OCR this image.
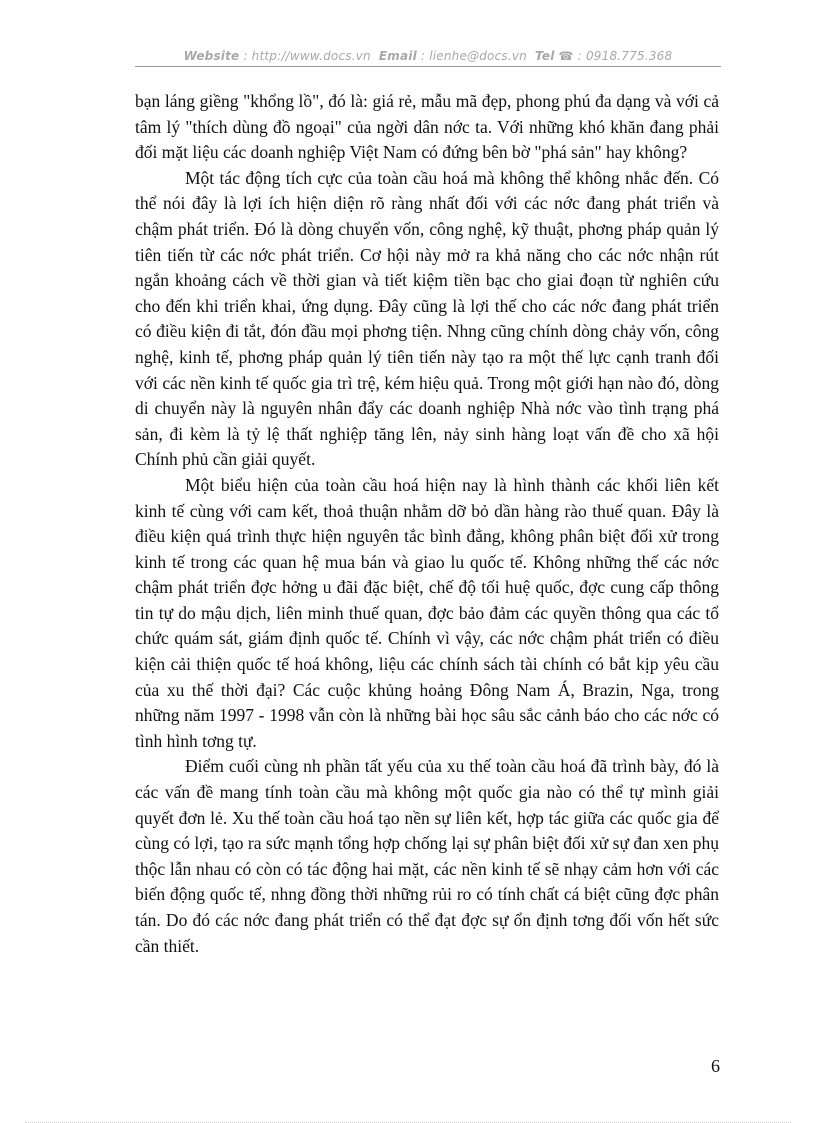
Website : http://www.docs.vn Email : lienhe@docs.vn Tel ☎ : 0918.775.368

bạn láng giềng "khổng lồ", đó là: giá rẻ, mẫu mã đẹp, phong phú đa dạng và với cả tâm lý "thích dùng đồ ngoại" của ngời dân nớc ta. Với những khó khăn đang phải đối mặt liệu các doanh nghiệp Việt Nam có đứng bên bờ "phá sản" hay không?

Một tác động tích cực của toàn cầu hoá mà không thể không nhắc đến. Có thể nói đây là lợi ích hiện diện rõ ràng nhất đối với các nớc đang phát triển và chậm phát triển. Đó là dòng chuyển vốn, công nghệ, kỹ thuật, phơng pháp quản lý tiên tiến từ các nớc phát triển. Cơ hội này mở ra khả năng cho các nớc nhận rút ngắn khoảng cách về thời gian và tiết kiệm tiền bạc cho giai đoạn từ nghiên cứu cho đến khi triển khai, ứng dụng. Đây cũng là lợi thế cho các nớc đang phát triển có điều kiện đi tắt, đón đầu mọi phơng tiện. Nhng cũng chính dòng chảy vốn, công nghệ, kinh tế, phơng pháp quản lý tiên tiến này tạo ra một thế lực cạnh tranh đối với các nền kinh tế quốc gia trì trệ, kém hiệu quả. Trong một giới hạn nào đó, dòng di chuyển này là nguyên nhân đẩy các doanh nghiệp Nhà nớc vào tình trạng phá sản, đi kèm là tỷ lệ thất nghiệp tăng lên, nảy sinh hàng loạt vấn đề cho xã hội Chính phủ cần giải quyết.

Một biểu hiện của toàn cầu hoá hiện nay là hình thành các khối liên kết kinh tế cùng với cam kết, thoả thuận nhằm dỡ bỏ dần hàng rào thuế quan. Đây là điều kiện quá trình thực hiện nguyên tắc bình đẳng, không phân biệt đối xử trong kinh tế trong các quan hệ mua bán và giao lu quốc tế. Không những thế các nớc chậm phát triển đợc hởng u đãi đặc biệt, chế độ tối huệ quốc, đợc cung cấp thông tin tự do mậu dịch, liên minh thuế quan, đợc bảo đảm các quyền thông qua các tổ chức quám sát, giám định quốc tế. Chính vì vậy, các nớc chậm phát triển có điều kiện cải thiện quốc tế hoá không, liệu các chính sách tài chính có bắt kịp yêu cầu của xu thế thời đại? Các cuộc khủng hoảng Đông Nam Á, Brazin, Nga, trong những năm 1997 - 1998 vẫn còn là những bài học sâu sắc cảnh báo cho các nớc có tình hình tơng tự.

Điểm cuối cùng nh phần tất yếu của xu thế toàn cầu hoá đã trình bày, đó là các vấn đề mang tính toàn cầu mà không một quốc gia nào có thể tự mình giải quyết đơn lẻ. Xu thế toàn cầu hoá tạo nền sự liên kết, hợp tác giữa các quốc gia để cùng có lợi, tạo ra sức mạnh tổng hợp chống lại sự phân biệt đối xử sự đan xen phụ thộc lẫn nhau có còn có tác động hai mặt, các nền kinh tế sẽ nhạy cảm hơn với các biến động quốc tế, nhng đồng thời những rủi ro có tính chất cá biệt cũng đợc phân tán. Do đó các nớc đang phát triển có thể đạt đợc sự ổn định tơng đối vốn hết sức cần thiết.

6
